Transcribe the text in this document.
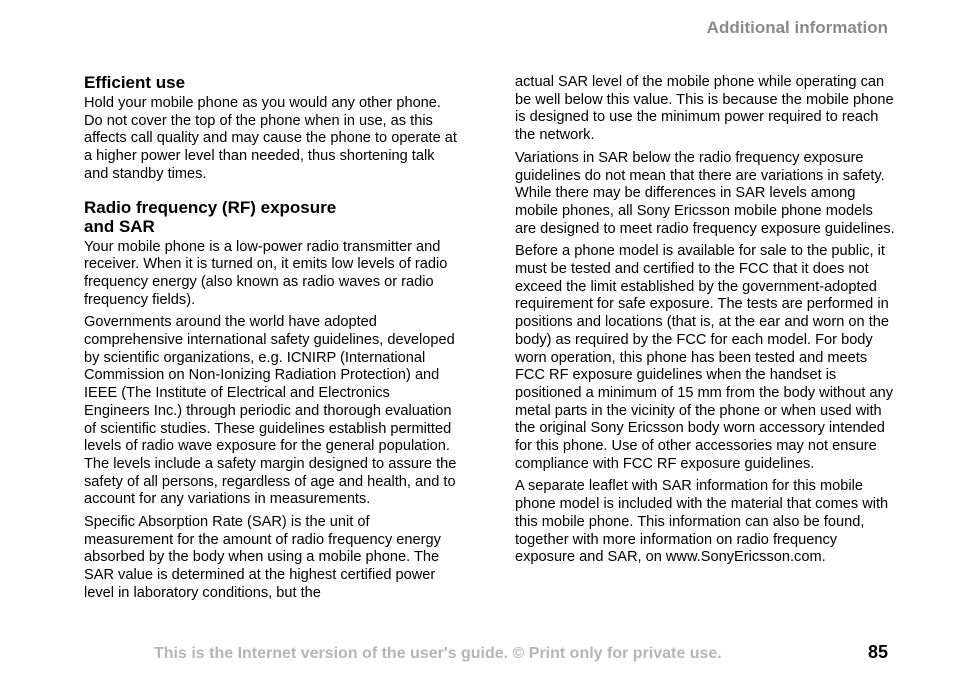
Additional information
Efficient use

Hold your mobile phone as you would any other phone. Do not cover the top of the phone when in use, as this affects call quality and may cause the phone to operate at a higher power level than needed, thus shortening talk and standby times.

Radio frequency (RF) exposure
and SAR

Your mobile phone is a low-power radio transmitter and receiver. When it is turned on, it emits low levels of radio frequency energy (also known as radio waves or radio frequency fields).

Governments around the world have adopted comprehensive international safety guidelines, developed by scientific organizations, e.g. ICNIRP (International Commission on Non-Ionizing Radiation Protection) and IEEE (The Institute of Electrical and Electronics Engineers Inc.) through periodic and thorough evaluation of scientific studies. These guidelines establish permitted levels of radio wave exposure for the general population. The levels include a safety margin designed to assure the safety of all persons, regardless of age and health, and to account for any variations in measurements.

Specific Absorption Rate (SAR) is the unit of measurement for the amount of radio frequency energy absorbed by the body when using a mobile phone. The SAR value is determined at the highest certified power level in laboratory conditions, but the

actual SAR level of the mobile phone while operating can be well below this value. This is because the mobile phone is designed to use the minimum power required to reach the network.

Variations in SAR below the radio frequency exposure guidelines do not mean that there are variations in safety. While there may be differences in SAR levels among mobile phones, all Sony Ericsson mobile phone models are designed to meet radio frequency exposure guidelines.

Before a phone model is available for sale to the public, it must be tested and certified to the FCC that it does not exceed the limit established by the government-adopted requirement for safe exposure. The tests are performed in positions and locations (that is, at the ear and worn on the body) as required by the FCC for each model. For body worn operation, this phone has been tested and meets FCC RF exposure guidelines when the handset is positioned a minimum of 15 mm from the body without any metal parts in the vicinity of the phone or when used with the original Sony Ericsson body worn accessory intended for this phone. Use of other accessories may not ensure compliance with FCC RF exposure guidelines.

A separate leaflet with SAR information for this mobile phone model is included with the material that comes with this mobile phone. This information can also be found, together with more information on radio frequency exposure and SAR, on www.SonyEricsson.com.

This is the Internet version of the user's guide. © Print only for private use.	85
